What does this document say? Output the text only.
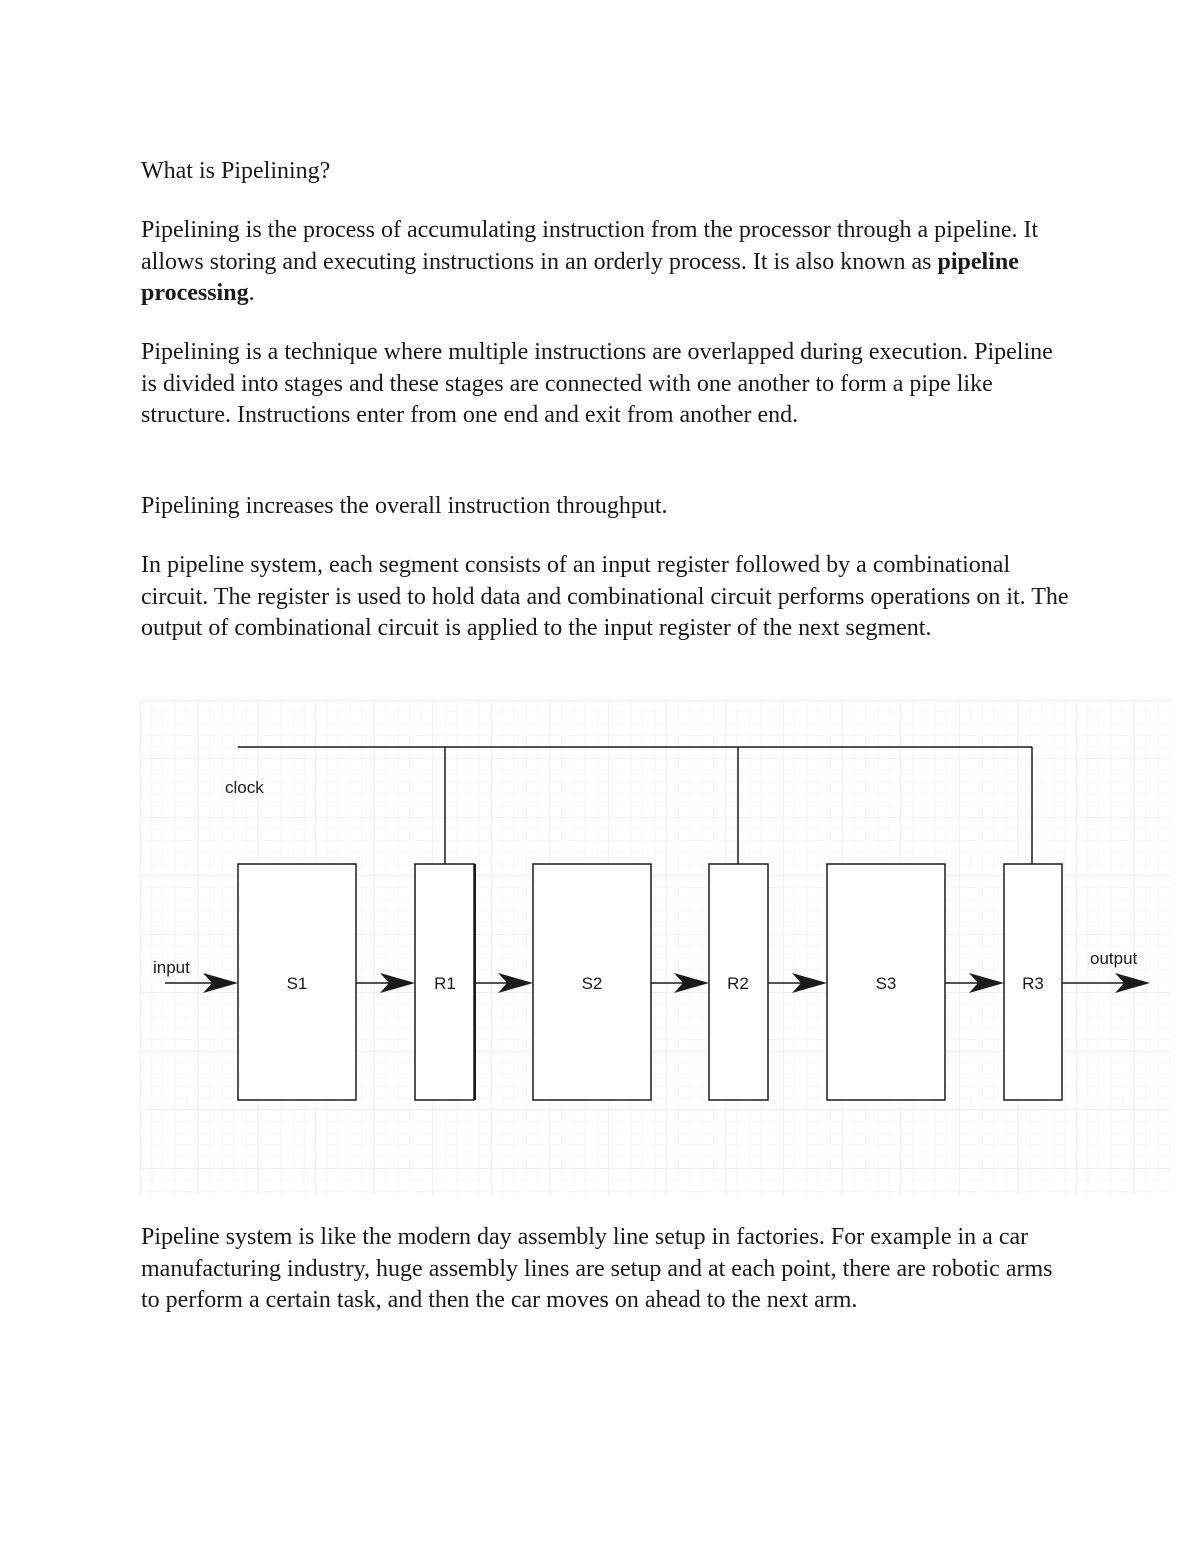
What is Pipelining?

Pipelining is the process of accumulating instruction from the processor through a pipeline. It allows storing and executing instructions in an orderly process. It is also known as pipeline processing.

Pipelining is a technique where multiple instructions are overlapped during execution. Pipeline is divided into stages and these stages are connected with one another to form a pipe like structure. Instructions enter from one end and exit from another end.

Pipelining increases the overall instruction throughput.

In pipeline system, each segment consists of an input register followed by a combinational circuit. The register is used to hold data and combinational circuit performs operations on it. The output of combinational circuit is applied to the input register of the next segment.

clock
input	output
S1	R1	S2	R2	S3	R3

Pipeline system is like the modern day assembly line setup in factories. For example in a car manufacturing industry, huge assembly lines are setup and at each point, there are robotic arms to perform a certain task, and then the car moves on ahead to the next arm.
